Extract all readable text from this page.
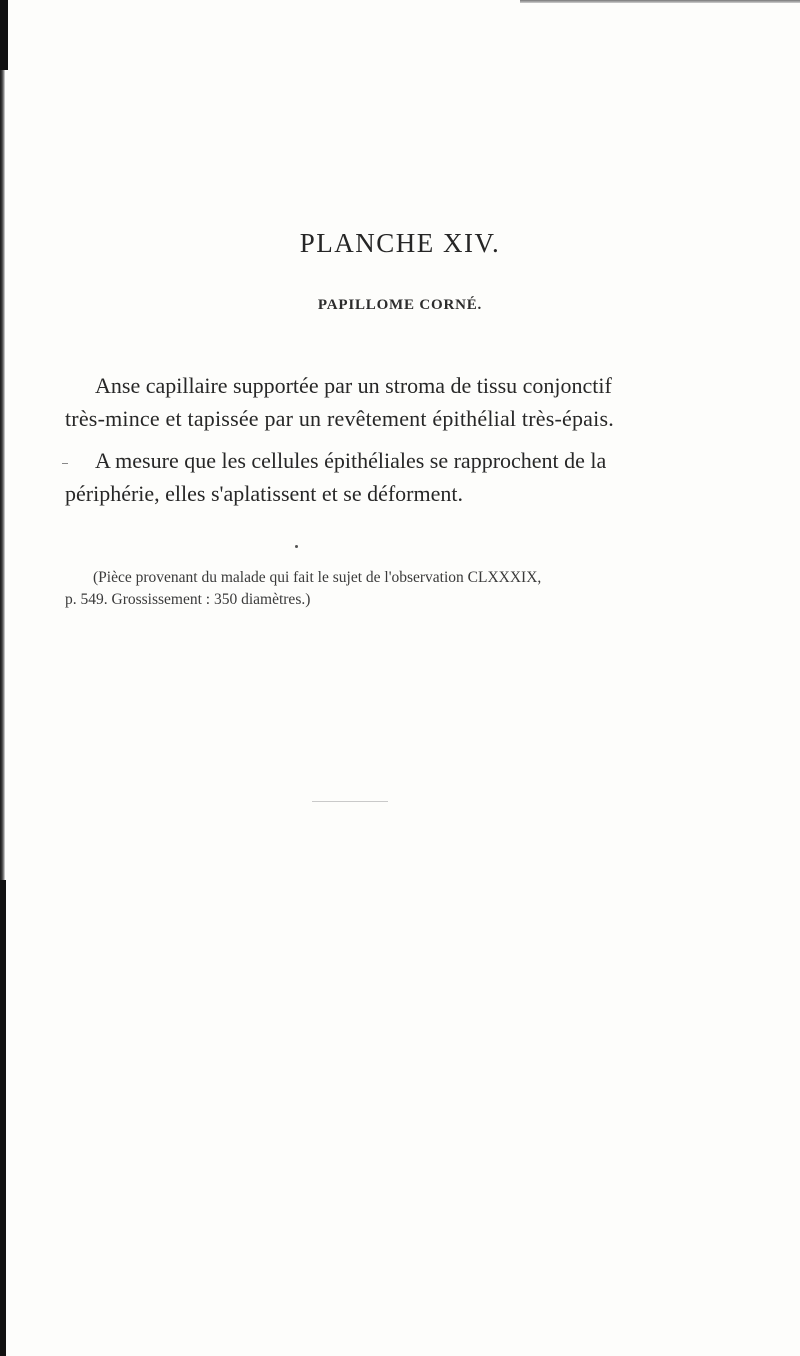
PLANCHE XIV.
PAPILLOME CORNÉ.
Anse capillaire supportée par un stroma de tissu conjonctif
très-mince et tapissée par un revêtement épithélial très-épais.
A mesure que les cellules épithéliales se rapprochent de la
périphérie, elles s'aplatissent et se déforment.
(Pièce provenant du malade qui fait le sujet de l'observation CLXXXIX,
p. 549. Grossissement : 350 diamètres.)
